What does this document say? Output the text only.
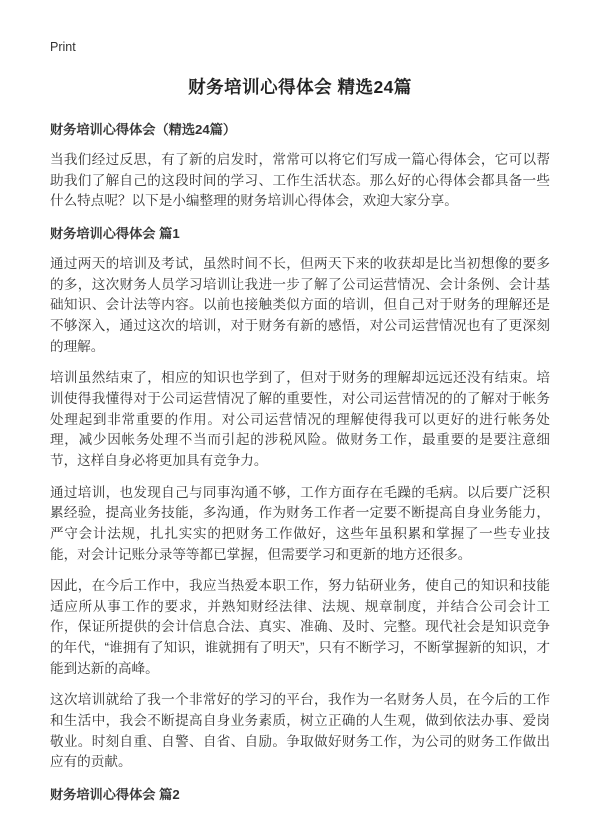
Print
财务培训心得体会 精选24篇

财务培训心得体会（精选24篇）

当我们经过反思，有了新的启发时，常常可以将它们写成一篇心得体会，它可以帮助我们了解自己的这段时间的学习、工作生活状态。那么好的心得体会都具备一些什么特点呢？以下是小编整理的财务培训心得体会，欢迎大家分享。

财务培训心得体会 篇1

通过两天的培训及考试，虽然时间不长，但两天下来的收获却是比当初想像的要多的多，这次财务人员学习培训让我进一步了解了公司运营情况、会计条例、会计基础知识、会计法等内容。以前也接触类似方面的培训，但自己对于财务的理解还是不够深入，通过这次的培训，对于财务有新的感悟，对公司运营情况也有了更深刻的理解。

培训虽然结束了，相应的知识也学到了，但对于财务的理解却远远还没有结束。培训使得我懂得对于公司运营情况了解的重要性，对公司运营情况的的了解对于帐务处理起到非常重要的作用。对公司运营情况的理解使得我可以更好的进行帐务处理，减少因帐务处理不当而引起的涉税风险。做财务工作，最重要的是要注意细节，这样自身必将更加具有竞争力。

通过培训，也发现自己与同事沟通不够，工作方面存在毛躁的毛病。以后要广泛积累经验，提高业务技能，多沟通，作为财务工作者一定要不断提高自身业务能力，严守会计法规，扎扎实实的把财务工作做好，这些年虽积累和掌握了一些专业技能，对会计记账分录等等都已掌握，但需要学习和更新的地方还很多。

因此，在今后工作中，我应当热爱本职工作，努力钻研业务，使自己的知识和技能适应所从事工作的要求，并熟知财经法律、法规、规章制度，并结合公司会计工作，保证所提供的会计信息合法、真实、准确、及时、完整。现代社会是知识竞争的年代，“谁拥有了知识，谁就拥有了明天”，只有不断学习，不断掌握新的知识，才能到达新的高峰。

这次培训就给了我一个非常好的学习的平台，我作为一名财务人员，在今后的工作和生活中，我会不断提高自身业务素质，树立正确的人生观，做到依法办事、爱岗敬业。时刻自重、自警、自省、自励。争取做好财务工作，为公司的财务工作做出应有的贡献。

财务培训心得体会 篇2
